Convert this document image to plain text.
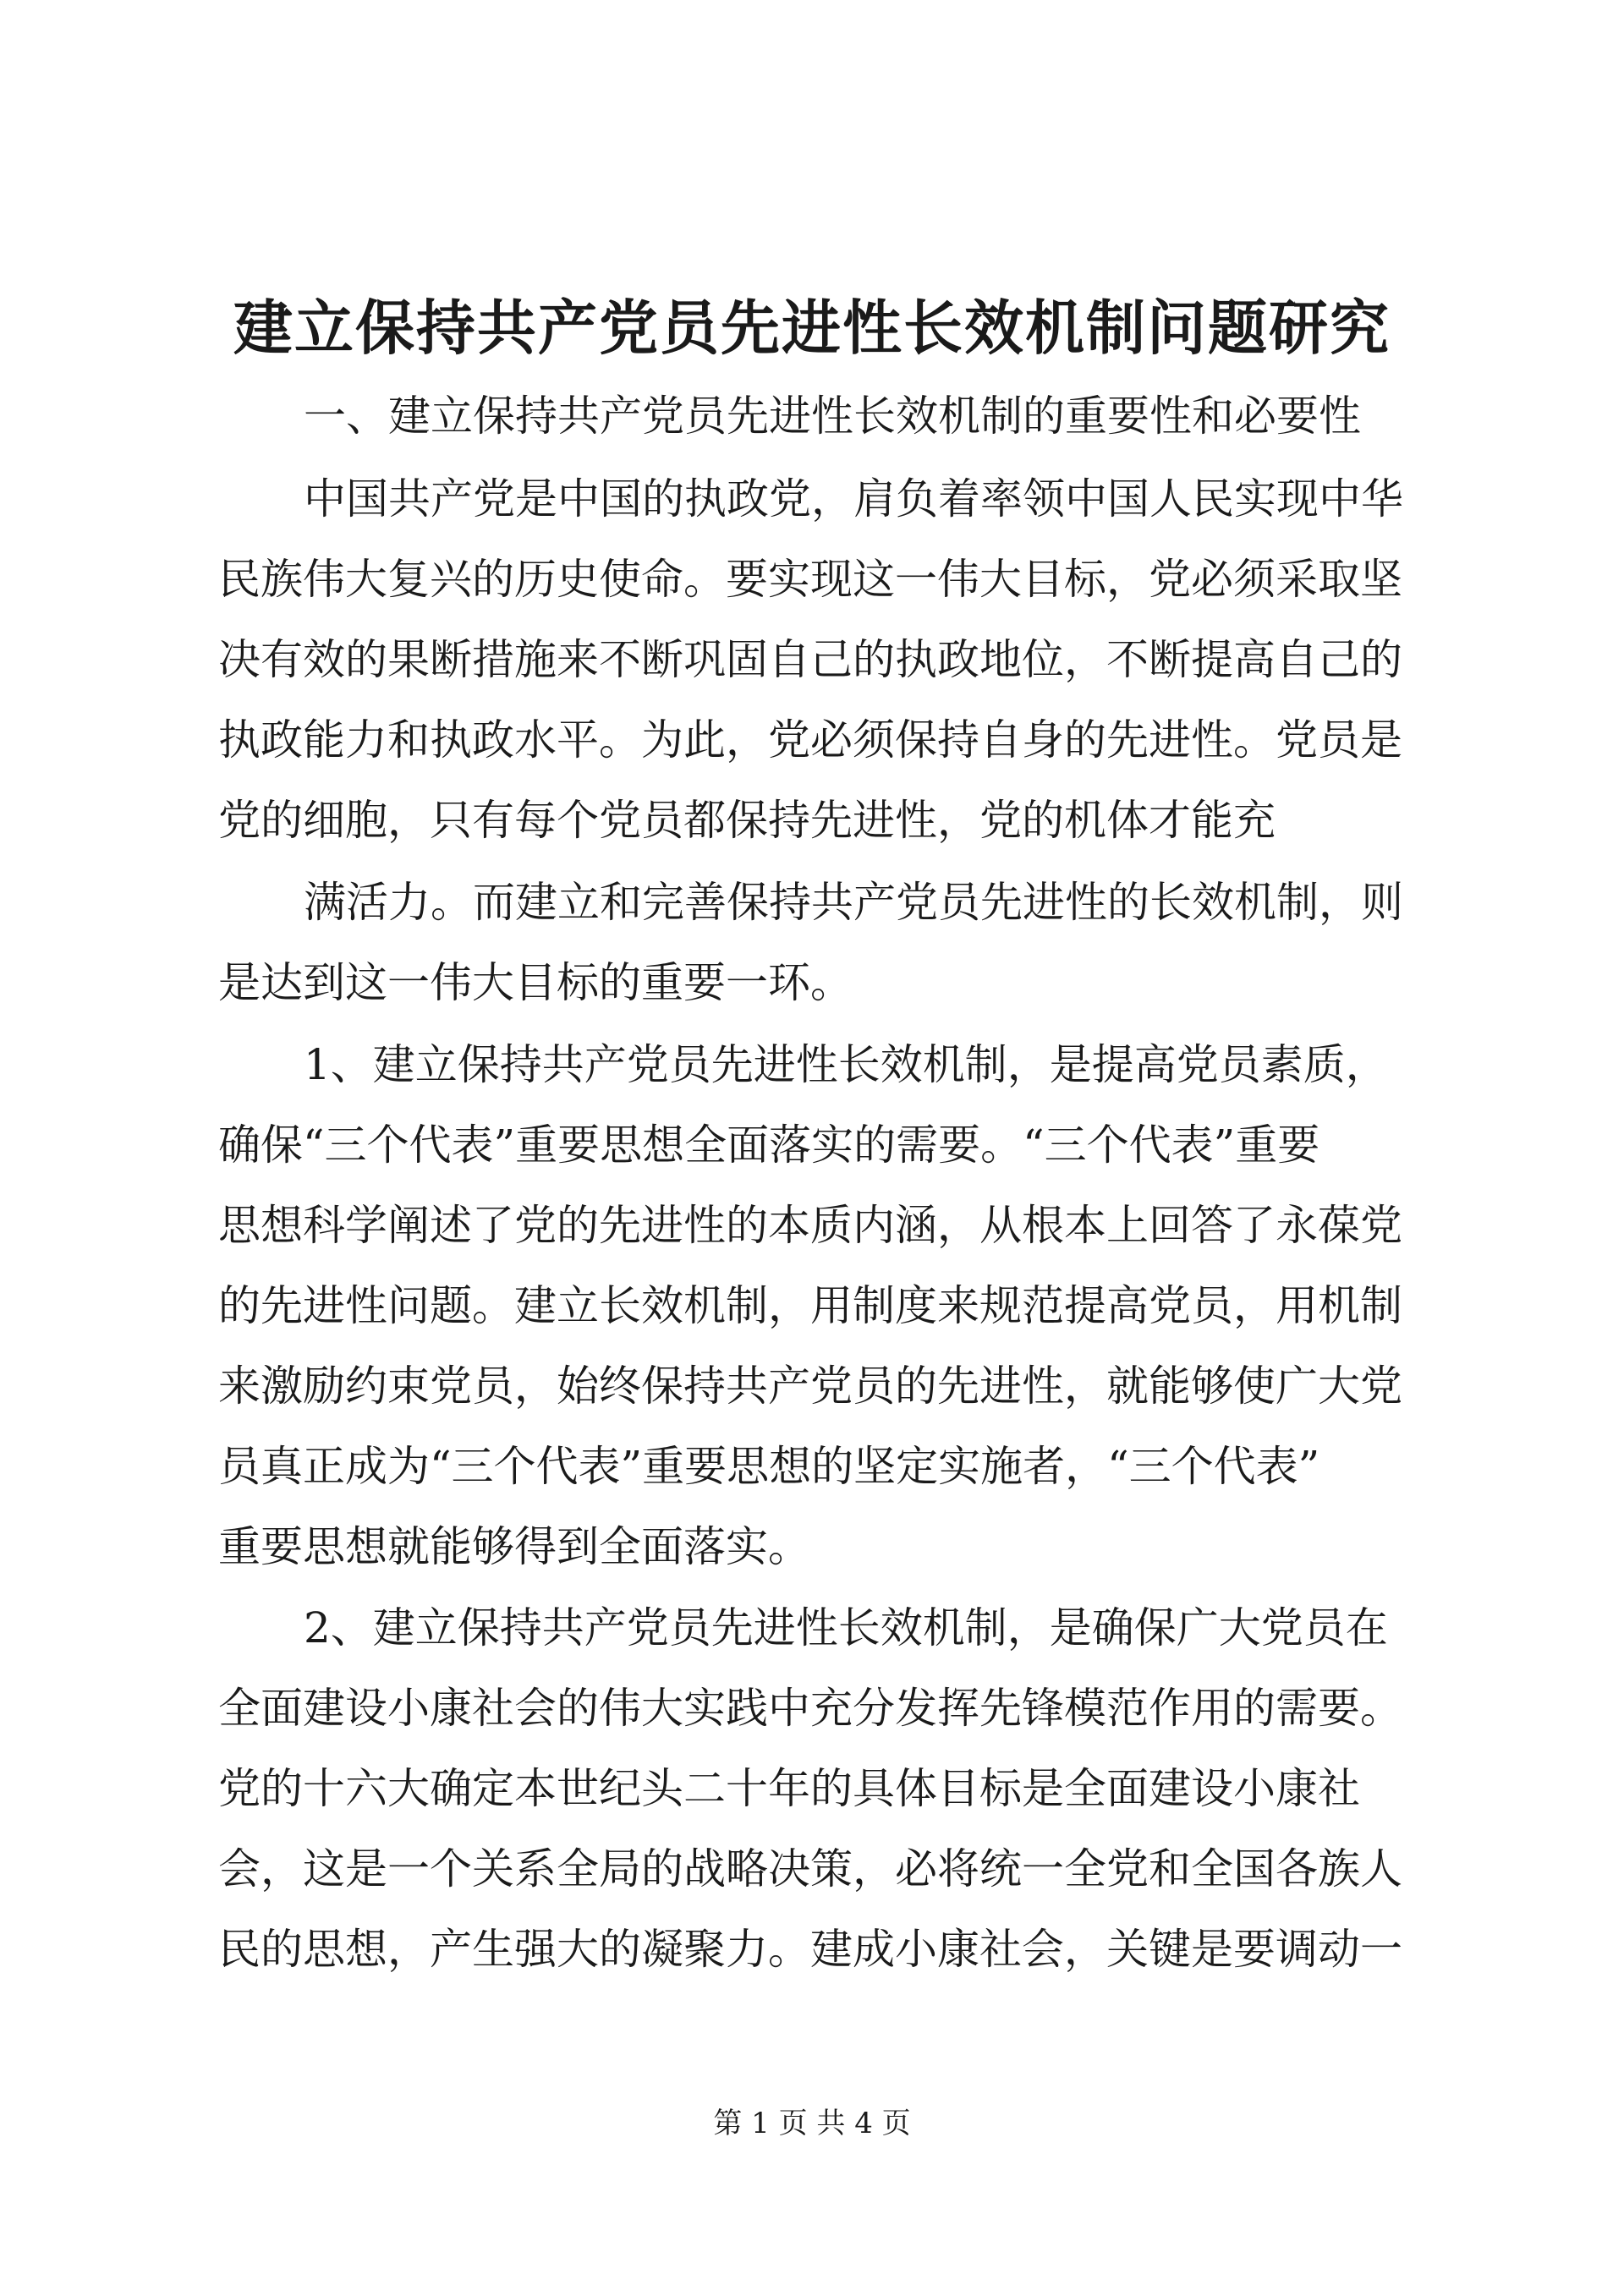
建立保持共产党员先进性长效机制问题研究

一、建立保持共产党员先进性长效机制的重要性和必要性

中国共产党是中国的执政党，肩负着率领中国人民实现中华

民族伟大复兴的历史使命。要实现这一伟大目标，党必须采取坚

决有效的果断措施来不断巩固自己的执政地位，不断提高自己的

执政能力和执政水平。为此，党必须保持自身的先进性。党员是

党的细胞，只有每个党员都保持先进性，党的机体才能充

满活力。而建立和完善保持共产党员先进性的长效机制，则

是达到这一伟大目标的重要一环。

1、建立保持共产党员先进性长效机制，是提高党员素质，

确保“三个代表”重要思想全面落实的需要。“三个代表”重要

思想科学阐述了党的先进性的本质内涵，从根本上回答了永葆党

的先进性问题。建立长效机制，用制度来规范提高党员，用机制

来激励约束党员，始终保持共产党员的先进性，就能够使广大党

员真正成为“三个代表”重要思想的坚定实施者，“三个代表”

重要思想就能够得到全面落实。

2、建立保持共产党员先进性长效机制，是确保广大党员在

全面建设小康社会的伟大实践中充分发挥先锋模范作用的需要。

党的十六大确定本世纪头二十年的具体目标是全面建设小康社

会，这是一个关系全局的战略决策，必将统一全党和全国各族人

民的思想，产生强大的凝聚力。建成小康社会，关键是要调动一

第 1 页 共 4 页
